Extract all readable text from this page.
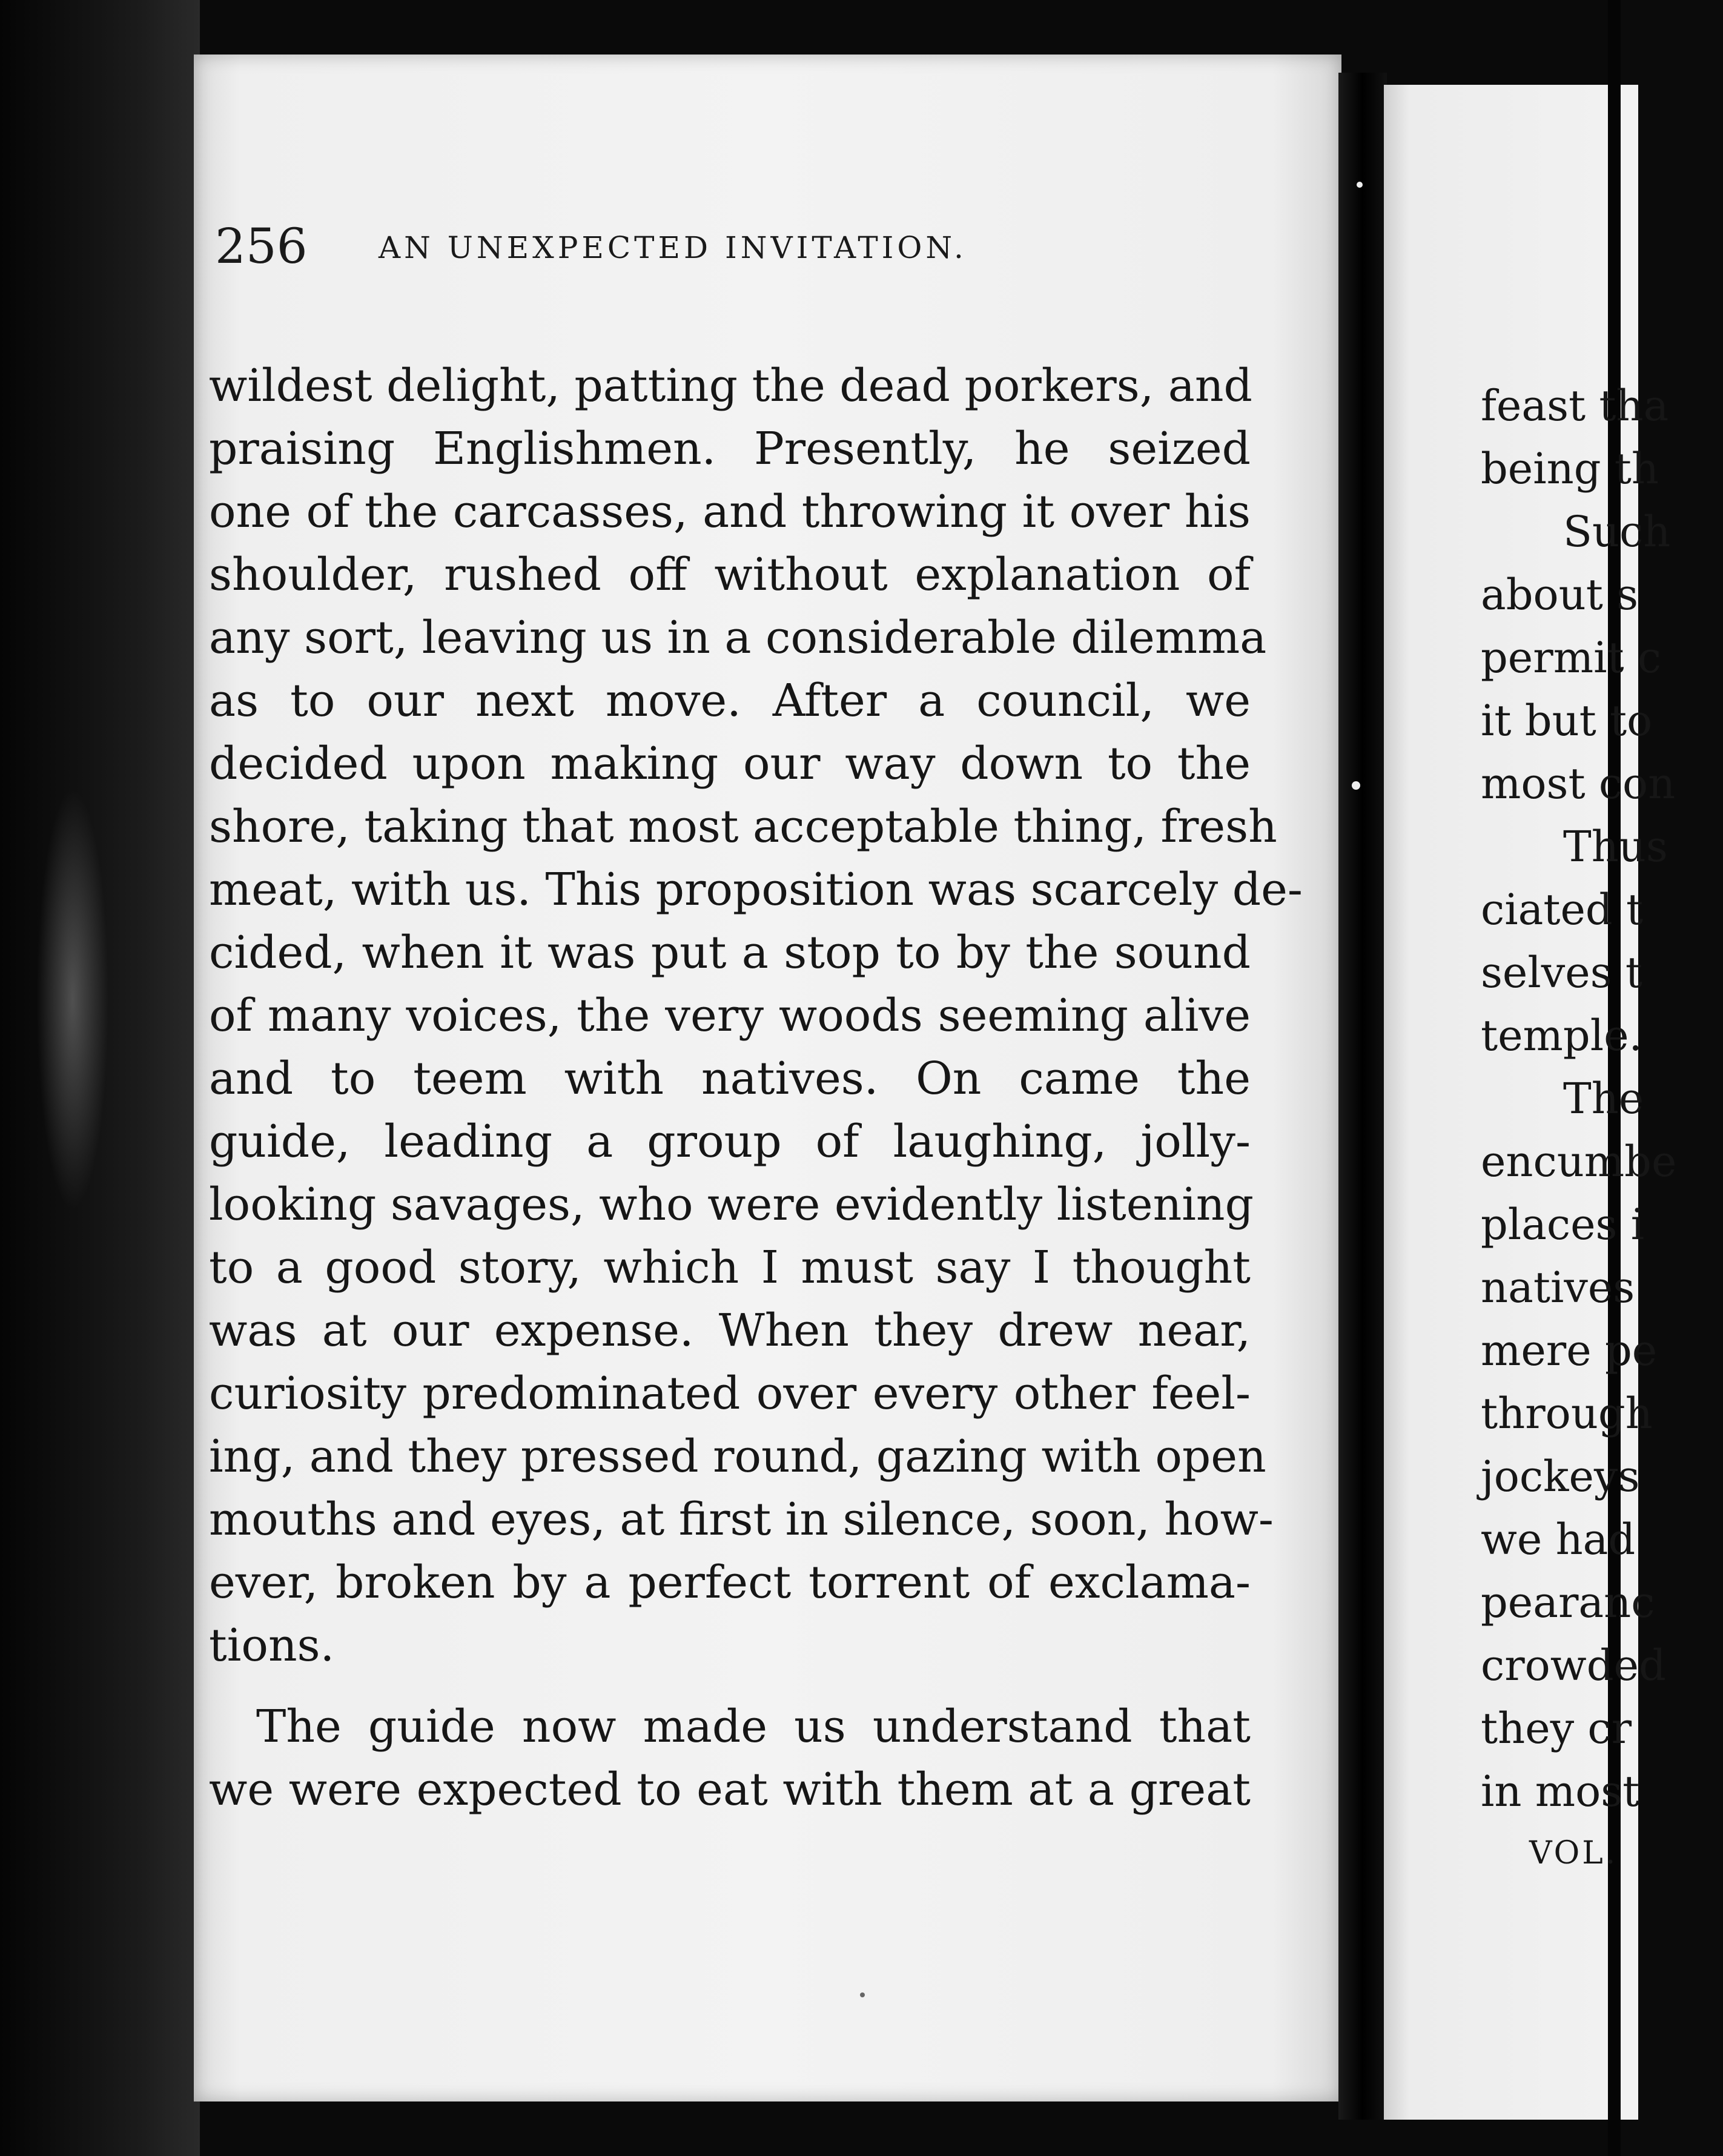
256 AN UNEXPECTED INVITATION.
wildest delight, patting the dead porkers, and
praising Englishmen. Presently, he seized
one of the carcasses, and throwing it over his
shoulder, rushed off without explanation of
any sort, leaving us in a considerable dilemma
as to our next move. After a council, we
decided upon making our way down to the
shore, taking that most acceptable thing, fresh
meat, with us. This proposition was scarcely de-
cided, when it was put a stop to by the sound
of many voices, the very woods seeming alive
and to teem with natives. On came the
guide, leading a group of laughing, jolly-
looking savages, who were evidently listening
to a good story, which I must say I thought
was at our expense. When they drew near,
curiosity predominated over every other feel-
ing, and they pressed round, gazing with open
mouths and eyes, at first in silence, soon, how-
ever, broken by a perfect torrent of exclama-
tions.
The guide now made us understand that
we were expected to eat with them at a great
feast tha
being th
Such
about s
permit c
it but to
most con
Thus
ciated t
selves t
temple.
The
encumbe
places i
natives
mere pe
through
jockeys
we had
pearanc
crowded
they cr
in most
VOL.
